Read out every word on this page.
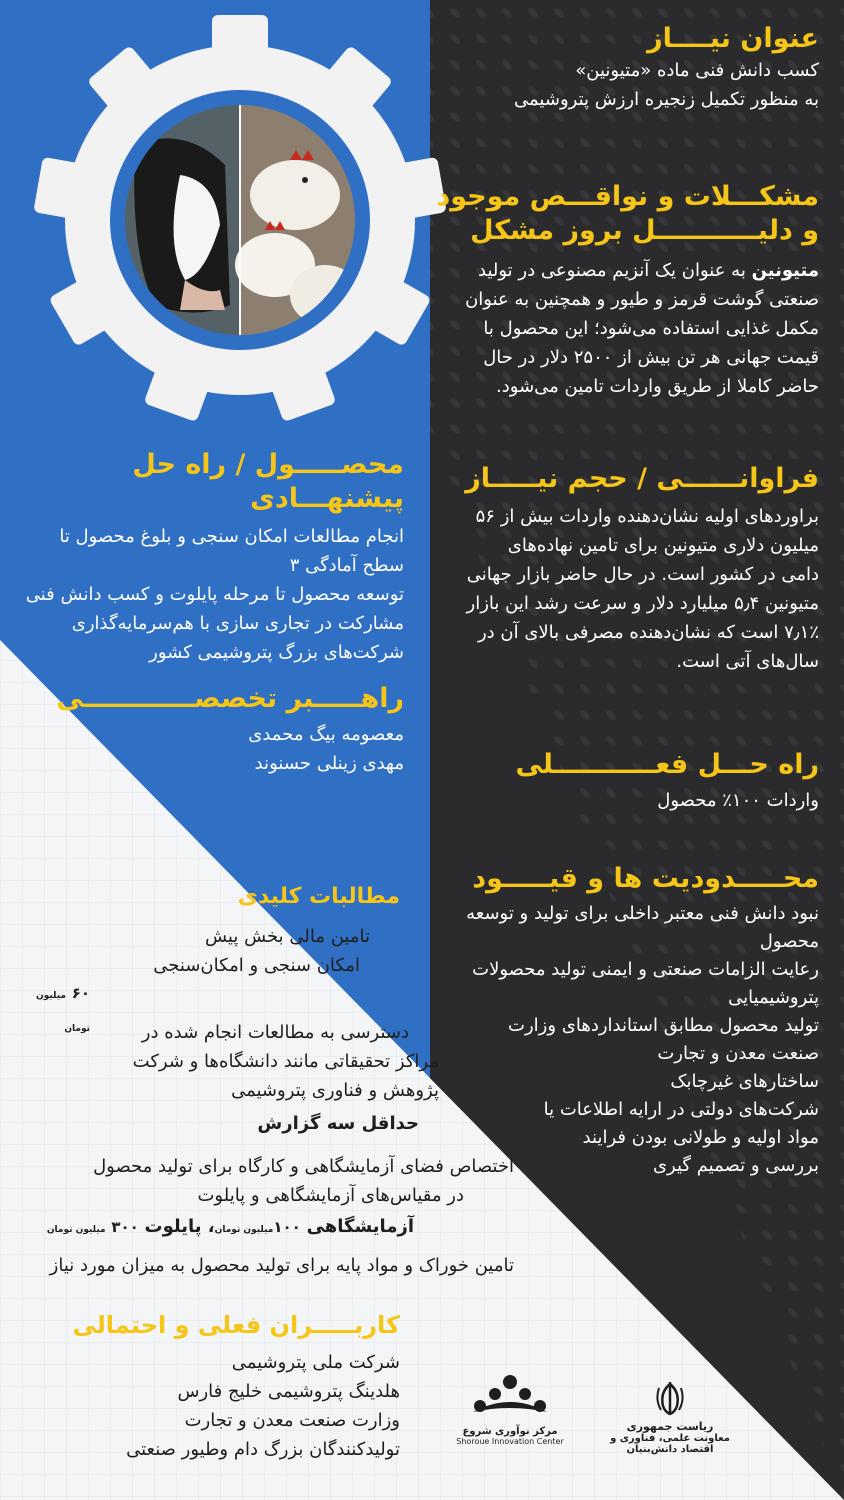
عنوان نیــــاز

کسب دانش فنی ماده «متیونین»
به منظور تکمیل زنجیره ارزش پتروشیمی

مشکـــلات و نواقـــص موجود
و دلیـــــــــــل بروز مشکل

متیونین به عنوان یک آنزیم مصنوعی در تولید
صنعتی گوشت قرمز و طیور و همچنین به عنوان
مکمل غذایی استفاده می‌شود؛ این محصول با
قیمت جهانی هر تن بیش از ۲۵۰۰ دلار در حال
حاضر کاملا از طریق واردات تامین می‌شود.

فراوانــــــی / حجم نیـــــاز

براوردهای اولیه نشان‌دهنده واردات بیش از ۵۶
میلیون دلاری متیونین برای تامین نهاده‌های
دامی در کشور است. در حال حاضر بازار جهانی
متیونین ۵٫۴ میلیارد دلار و سرعت رشد این بازار
۷٫۱٪ است که نشان‌دهنده مصرفی بالای آن در
سال‌های آتی است.

راه حـــل فعـــــــــــلی

واردات ۱۰۰٪ محصول

محـــــدودیت ها و قیـــــود

نبود دانش فنی معتبر داخلی برای تولید و توسعه
محصول
رعایت الزامات صنعتی و ایمنی تولید محصولات
پتروشیمیایی
تولید محصول مطابق استانداردهای وزارت
صنعت معدن و تجارت
ساختارهای غیرچابک
شرکت‌های دولتی در ارایه اطلاعات یا
مواد اولیه و طولانی بودن فرایند
بررسی و تصمیم گیری

محصـــــول / راه حل پیشنهـــادی

انجام مطالعات امکان سنجی و بلوغ محصول تا
سطح آمادگی ۳
توسعه محصول تا مرحله پایلوت و کسب دانش فنی
مشارکت در تجاری سازی با هم‌سرمایه‌گذاری
شرکت‌های بزرگ پتروشیمی کشور

راهـــــبر تخصصــــــــــــی

معصومه بیگ محمدی
مهدی زینلی حسنوند

مطالبات کلیدی

تامین مالی بخش پیش
امکان سنجی و امکان‌سنجی

۶۰ میلیون تومان	دسترسی به مطالعات انجام شده در
مراکز تحقیقاتی مانند دانشگاه‌ها و شرکت
پژوهش و فناوری پتروشیمی

حداقل سه گزارش

اختصاص فضای آزمایشگاهی و کارگاه برای تولید محصول
در مقیاس‌های آزمایشگاهی و پایلوت

آزمایشگاهی ۱۰۰میلیون تومان، پایلوت ۳۰۰ میلیون تومان

تامین خوراک و مواد پایه برای تولید محصول به میزان مورد نیاز

کاربـــــران فعلی و احتمالی

شرکت ملی پتروشیمی
هلدینگ پتروشیمی خلیج فارس
وزارت صنعت معدن و تجارت
تولیدکنندگان بزرگ دام وطیور صنعتی

مرکز نوآوری شروع
Shoroue Innovation Center
ریاست جمهوری
معاونت علمی، فناوری و اقتصاد دانش‌بنیان
